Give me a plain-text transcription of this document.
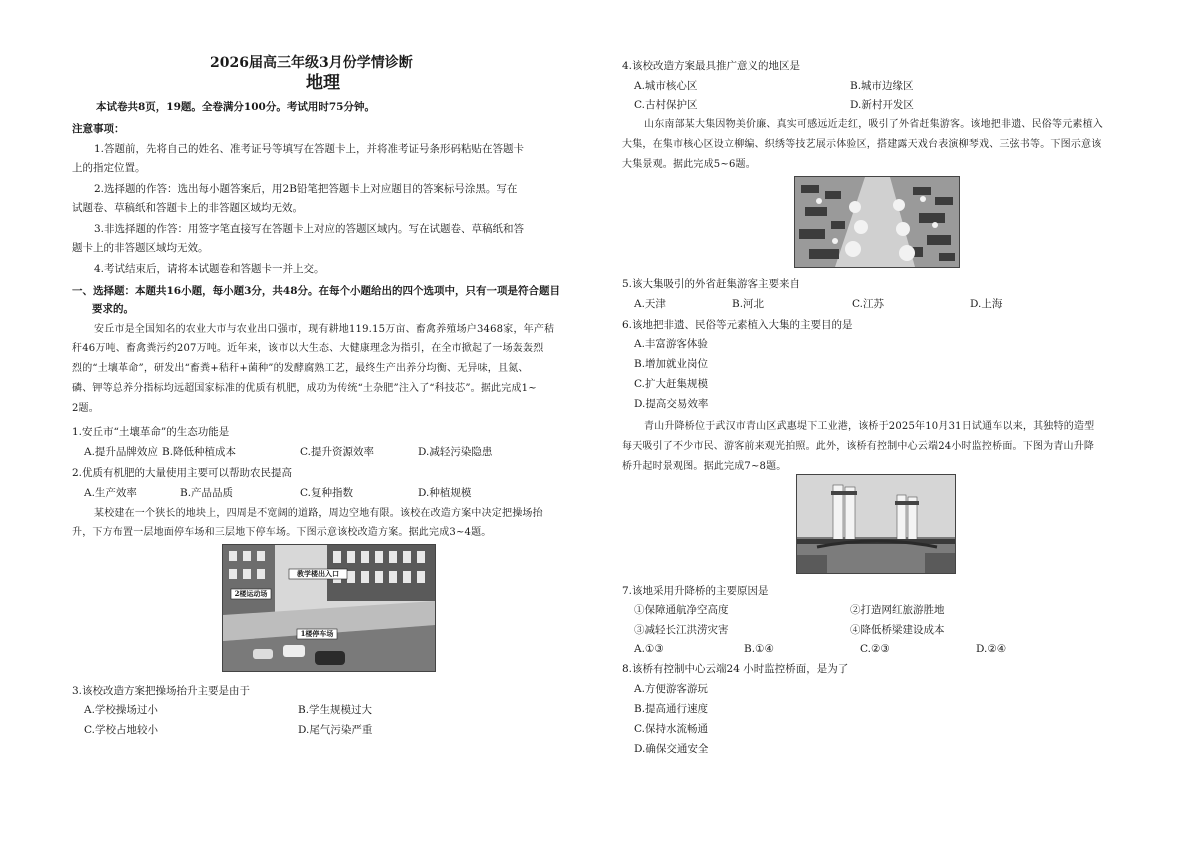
2026届高三年级3月份学情诊断
地理
本试卷共8页，19题。全卷满分100分。考试用时75分钟。
注意事项：
1.答题前，先将自己的姓名、准考证号等填写在答题卡上，并将准考证号条形码粘贴在答题卡
上的指定位置。
2.选择题的作答：选出每小题答案后，用2B铅笔把答题卡上对应题目的答案标号涂黑。写在
试题卷、草稿纸和答题卡上的非答题区域均无效。
3.非选择题的作答：用签字笔直接写在答题卡上对应的答题区域内。写在试题卷、草稿纸和答
题卡上的非答题区域均无效。
4.考试结束后，请将本试题卷和答题卡一并上交。
一、选择题：本题共16小题，每小题3分，共48分。在每个小题给出的四个选项中，只有一项是符合题目
要求的。
安丘市是全国知名的农业大市与农业出口强市，现有耕地119.15万亩、畜禽养殖场户3468家，年产秸
秆46万吨、畜禽粪污约207万吨。近年来，该市以大生态、大健康理念为指引，在全市掀起了一场轰轰烈
烈的“土壤革命”，研发出“畜粪+秸秆+菌种”的发酵腐熟工艺，最终生产出养分均衡、无异味，且氮、
磷、钾等总养分指标均远超国家标准的优质有机肥，成功为传统“土杂肥”注入了“科技芯”。据此完成1~
2题。
1.安丘市“土壤革命”的生态功能是
A.提升品牌效应 B.降低种植成本	C.提升资源效率	D.减轻污染隐患
2.优质有机肥的大量使用主要可以帮助农民提高
A.生产效率	B.产品品质	C.复种指数	D.种植规模
某校建在一个狭长的地块上，四周是不宽阔的道路，周边空地有限。该校在改造方案中决定把操场抬
升，下方布置一层地面停车场和三层地下停车场。下图示意该校改造方案。据此完成3~4题。
教学楼出入口
2楼运动场
1楼停车场
3.该校改造方案把操场抬升主要是由于
A.学校操场过小	B.学生规模过大
C.学校占地较小	D.尾气污染严重
4.该校改造方案最具推广意义的地区是
A.城市核心区	B.城市边缘区
C.古村保护区	D.新村开发区
山东南部某大集因物美价廉、真实可感远近走红，吸引了外省赶集游客。该地把非遗、民俗等元素植入
大集，在集市核心区设立柳编、织绣等技艺展示体验区，搭建露天戏台表演柳琴戏、三弦书等。下图示意该
大集景观。据此完成5~6题。
5.该大集吸引的外省赶集游客主要来自
A.天津	B.河北	C.江苏	D.上海
6.该地把非遗、民俗等元素植入大集的主要目的是
A.丰富游客体验
B.增加就业岗位
C.扩大赶集规模
D.提高交易效率
青山升降桥位于武汉市青山区武惠堤下工业港，该桥于2025年10月31日试通车以来，其独特的造型
每天吸引了不少市民、游客前来观光拍照。此外，该桥有控制中心云端24小时监控桥面。下图为青山升降
桥升起时景观图。据此完成7~8题。
7.该地采用升降桥的主要原因是
①保障通航净空高度	②打造网红旅游胜地
③减轻长江洪涝灾害	④降低桥梁建设成本
A.①③	B.①④	C.②③	D.②④
8.该桥有控制中心云端24 小时监控桥面，是为了
A.方便游客游玩
B.提高通行速度
C.保持水流畅通
D.确保交通安全
